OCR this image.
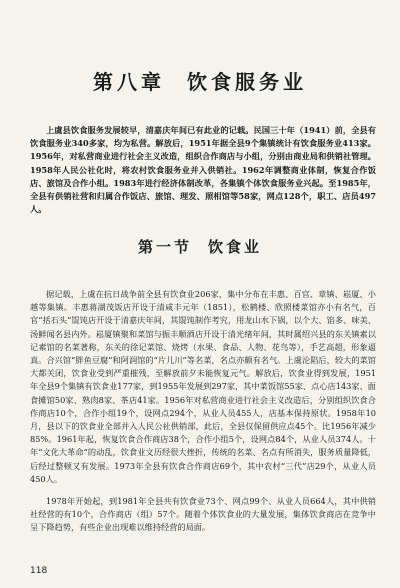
第八章 饮食服务业

上虞县饮食服务发展较早，清嘉庆年间已有此业的记载。民国三十年（1941）前，全县有饮食服务业340多家，均为私营。解放后，1951年据全县9个集镇统计有饮食服务业413家。1956年，对私营商业进行社会主义改造，组织合作商店与小组，分别由商业局和供销社管理。1958年人民公社化时，将农村饮食服务业并入供销社。1962年调整商业体制，恢复合作饭店、旅馆及合作小组。1983年进行经济体制改革，各集镇个体饮食服务业兴起。至1985年，全县有供销社营和归属合作饭店、旅馆、理发、照相馆等58家，网点128个，职工、店员497人。

第一节 饮食业

据记载，上虞在抗日战争前全县有饮食业206家，集中分布在丰惠、百官、章镇、崧厦、小越等集镇。丰惠蒋湖茂饭店开设于清咸丰元年（1851），松鹤楼、欣照楼菜馆亦小有名气，百官“括石头”馄饨店开设于清嘉庆年间，其馄饨制作考究，用龙山水下锅，以个大、馅多、味美、汤鲜闻名县内外。崧厦镇聚和菜馆与振丰顺酒店开设于清光绪年间，其时属绍兴县的东关镇素以记素馆的名菜著称，东关的徐记菜馆、烧烤（水果、食品、人物、花鸟等），手艺高超，形象逼真。合兴馆“胖鱼豆腐”和阿润馆的“片儿川”等名菜，名点亦颇有名气。上虞沦陷后，较大的菜馆大都关闭，饮食业受到严重摧残，至解放前夕未能恢复元气。解放后，饮食业得到发展，1951年全县9个集镇有饮食业177家，到1955年发展到297家，其中菜饭馆55家、点心店143家、面食摊馆50家、熟肉8家、茶店41家。1956年对私营商业进行社会主义改造后，分别组织饮食合作商店10个，合作小组19个，设网点294个，从业人员455人，店基本保持原状。1958年10月，县以下的饮食业全部并入人民公社供销部，此后，全县仅保留供应点45个。比1956年减少85%。1961年起，恢复饮食合作商店38个，合作小组5个，设网点84个，从业人员374人。十年“文化大革命”的动乱，饮食业文历经很大挫折，传统的名菜、名点有所消失，服务质量降低，后经过整顿又有发展。1973年全县有饮食合作商店69个，其中农村“三代”店29个，从业人员450人。

1978年开始起，到1981年全县共有饮食业73个、网点99个、从业人员664人，其中供销社经营的有10个，合作商店（组）57个。随着个体饮食业的大量发展，集体饮食商店在竞争中呈下降趋势，有些企业出现难以维持经营的局面。

118
